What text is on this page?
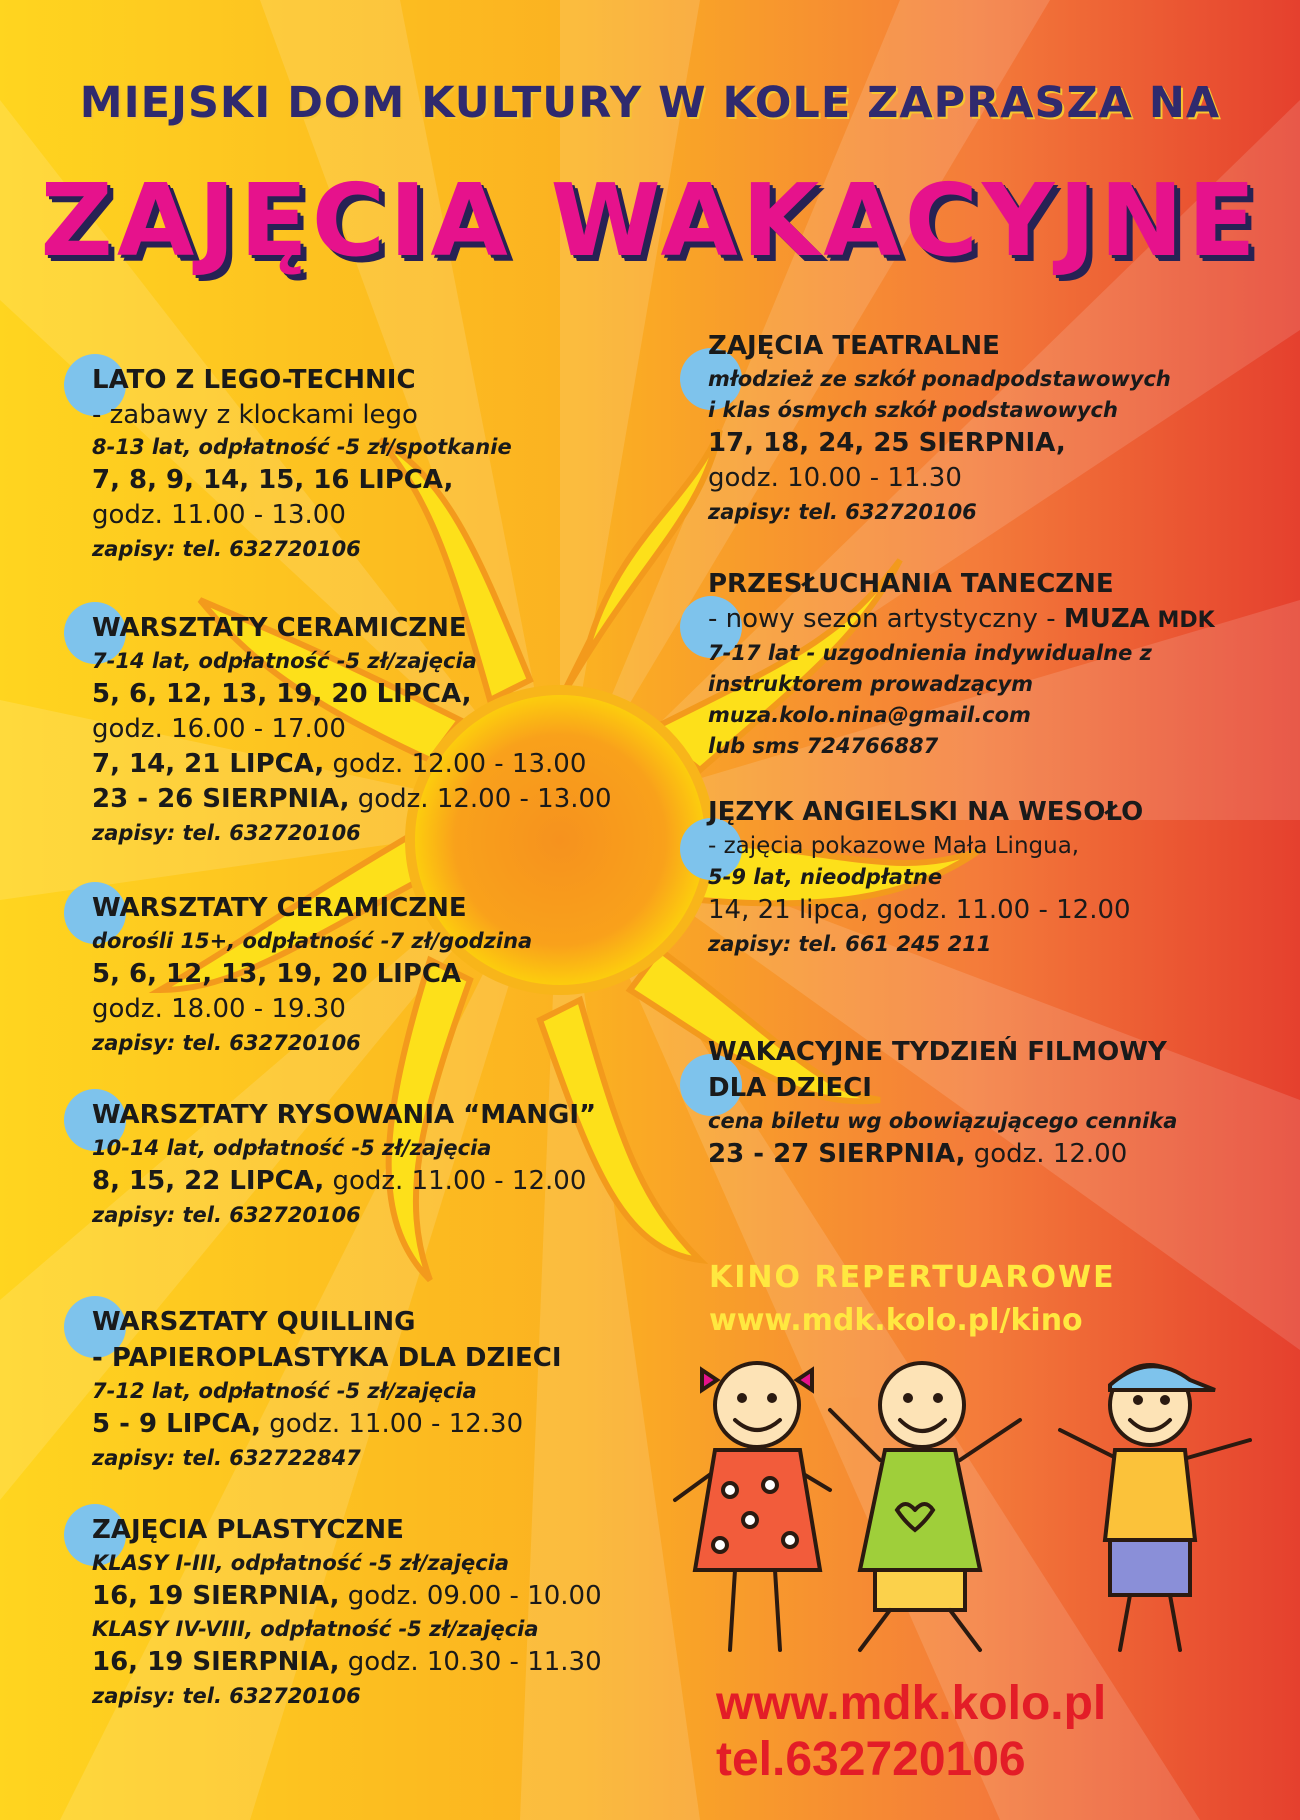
MIEJSKI DOM KULTURY W KOLE ZAPRASZA NA
ZAJĘCIA WAKACYJNE
LATO Z LEGO-TECHNIC
- zabawy z klockami lego
8-13 lat, odpłatność -5 zł/spotkanie
7, 8, 9, 14, 15, 16 LIPCA,
godz. 11.00 - 13.00
zapisy: tel. 632720106
WARSZTATY CERAMICZNE
7-14 lat, odpłatność -5 zł/zajęcia
5, 6, 12, 13, 19, 20 LIPCA,
godz. 16.00 - 17.00
7, 14, 21 LIPCA, godz. 12.00 - 13.00
23 - 26 SIERPNIA, godz. 12.00 - 13.00
zapisy: tel. 632720106
WARSZTATY CERAMICZNE
dorośli 15+, odpłatność -7 zł/godzina
5, 6, 12, 13, 19, 20 LIPCA
godz. 18.00 - 19.30
zapisy: tel. 632720106
WARSZTATY RYSOWANIA “MANGI”
10-14 lat, odpłatność -5 zł/zajęcia
8, 15, 22 LIPCA, godz. 11.00 - 12.00
zapisy: tel. 632720106
WARSZTATY QUILLING
- PAPIEROPLASTYKA DLA DZIECI
7-12 lat, odpłatność -5 zł/zajęcia
5 - 9 LIPCA, godz. 11.00 - 12.30
zapisy: tel. 632722847
ZAJĘCIA PLASTYCZNE
KLASY I-III, odpłatność -5 zł/zajęcia
16, 19 SIERPNIA, godz. 09.00 - 10.00
KLASY IV-VIII, odpłatność -5 zł/zajęcia
16, 19 SIERPNIA, godz. 10.30 - 11.30
zapisy: tel. 632720106
ZAJĘCIA TEATRALNE
młodzież ze szkół ponadpodstawowych
i klas ósmych szkół podstawowych
17, 18, 24, 25 SIERPNIA,
godz. 10.00 - 11.30
zapisy: tel. 632720106
PRZESŁUCHANIA TANECZNE
- nowy sezon artystyczny - MUZA MDK
7-17 lat - uzgodnienia indywidualne z
instruktorem prowadzącym
muza.kolo.nina@gmail.com
lub sms 724766887
JĘZYK ANGIELSKI NA WESOŁO
- zajęcia pokazowe Mała Lingua,
5-9 lat, nieodpłatne
14, 21 lipca, godz. 11.00 - 12.00
zapisy: tel. 661 245 211
WAKACYJNE TYDZIEŃ FILMOWY
DLA DZIECI
cena biletu wg obowiązującego cennika
23 - 27 SIERPNIA, godz. 12.00
KINO REPERTUAROWE
www.mdk.kolo.pl/kino
www.mdk.kolo.pl
tel.632720106
